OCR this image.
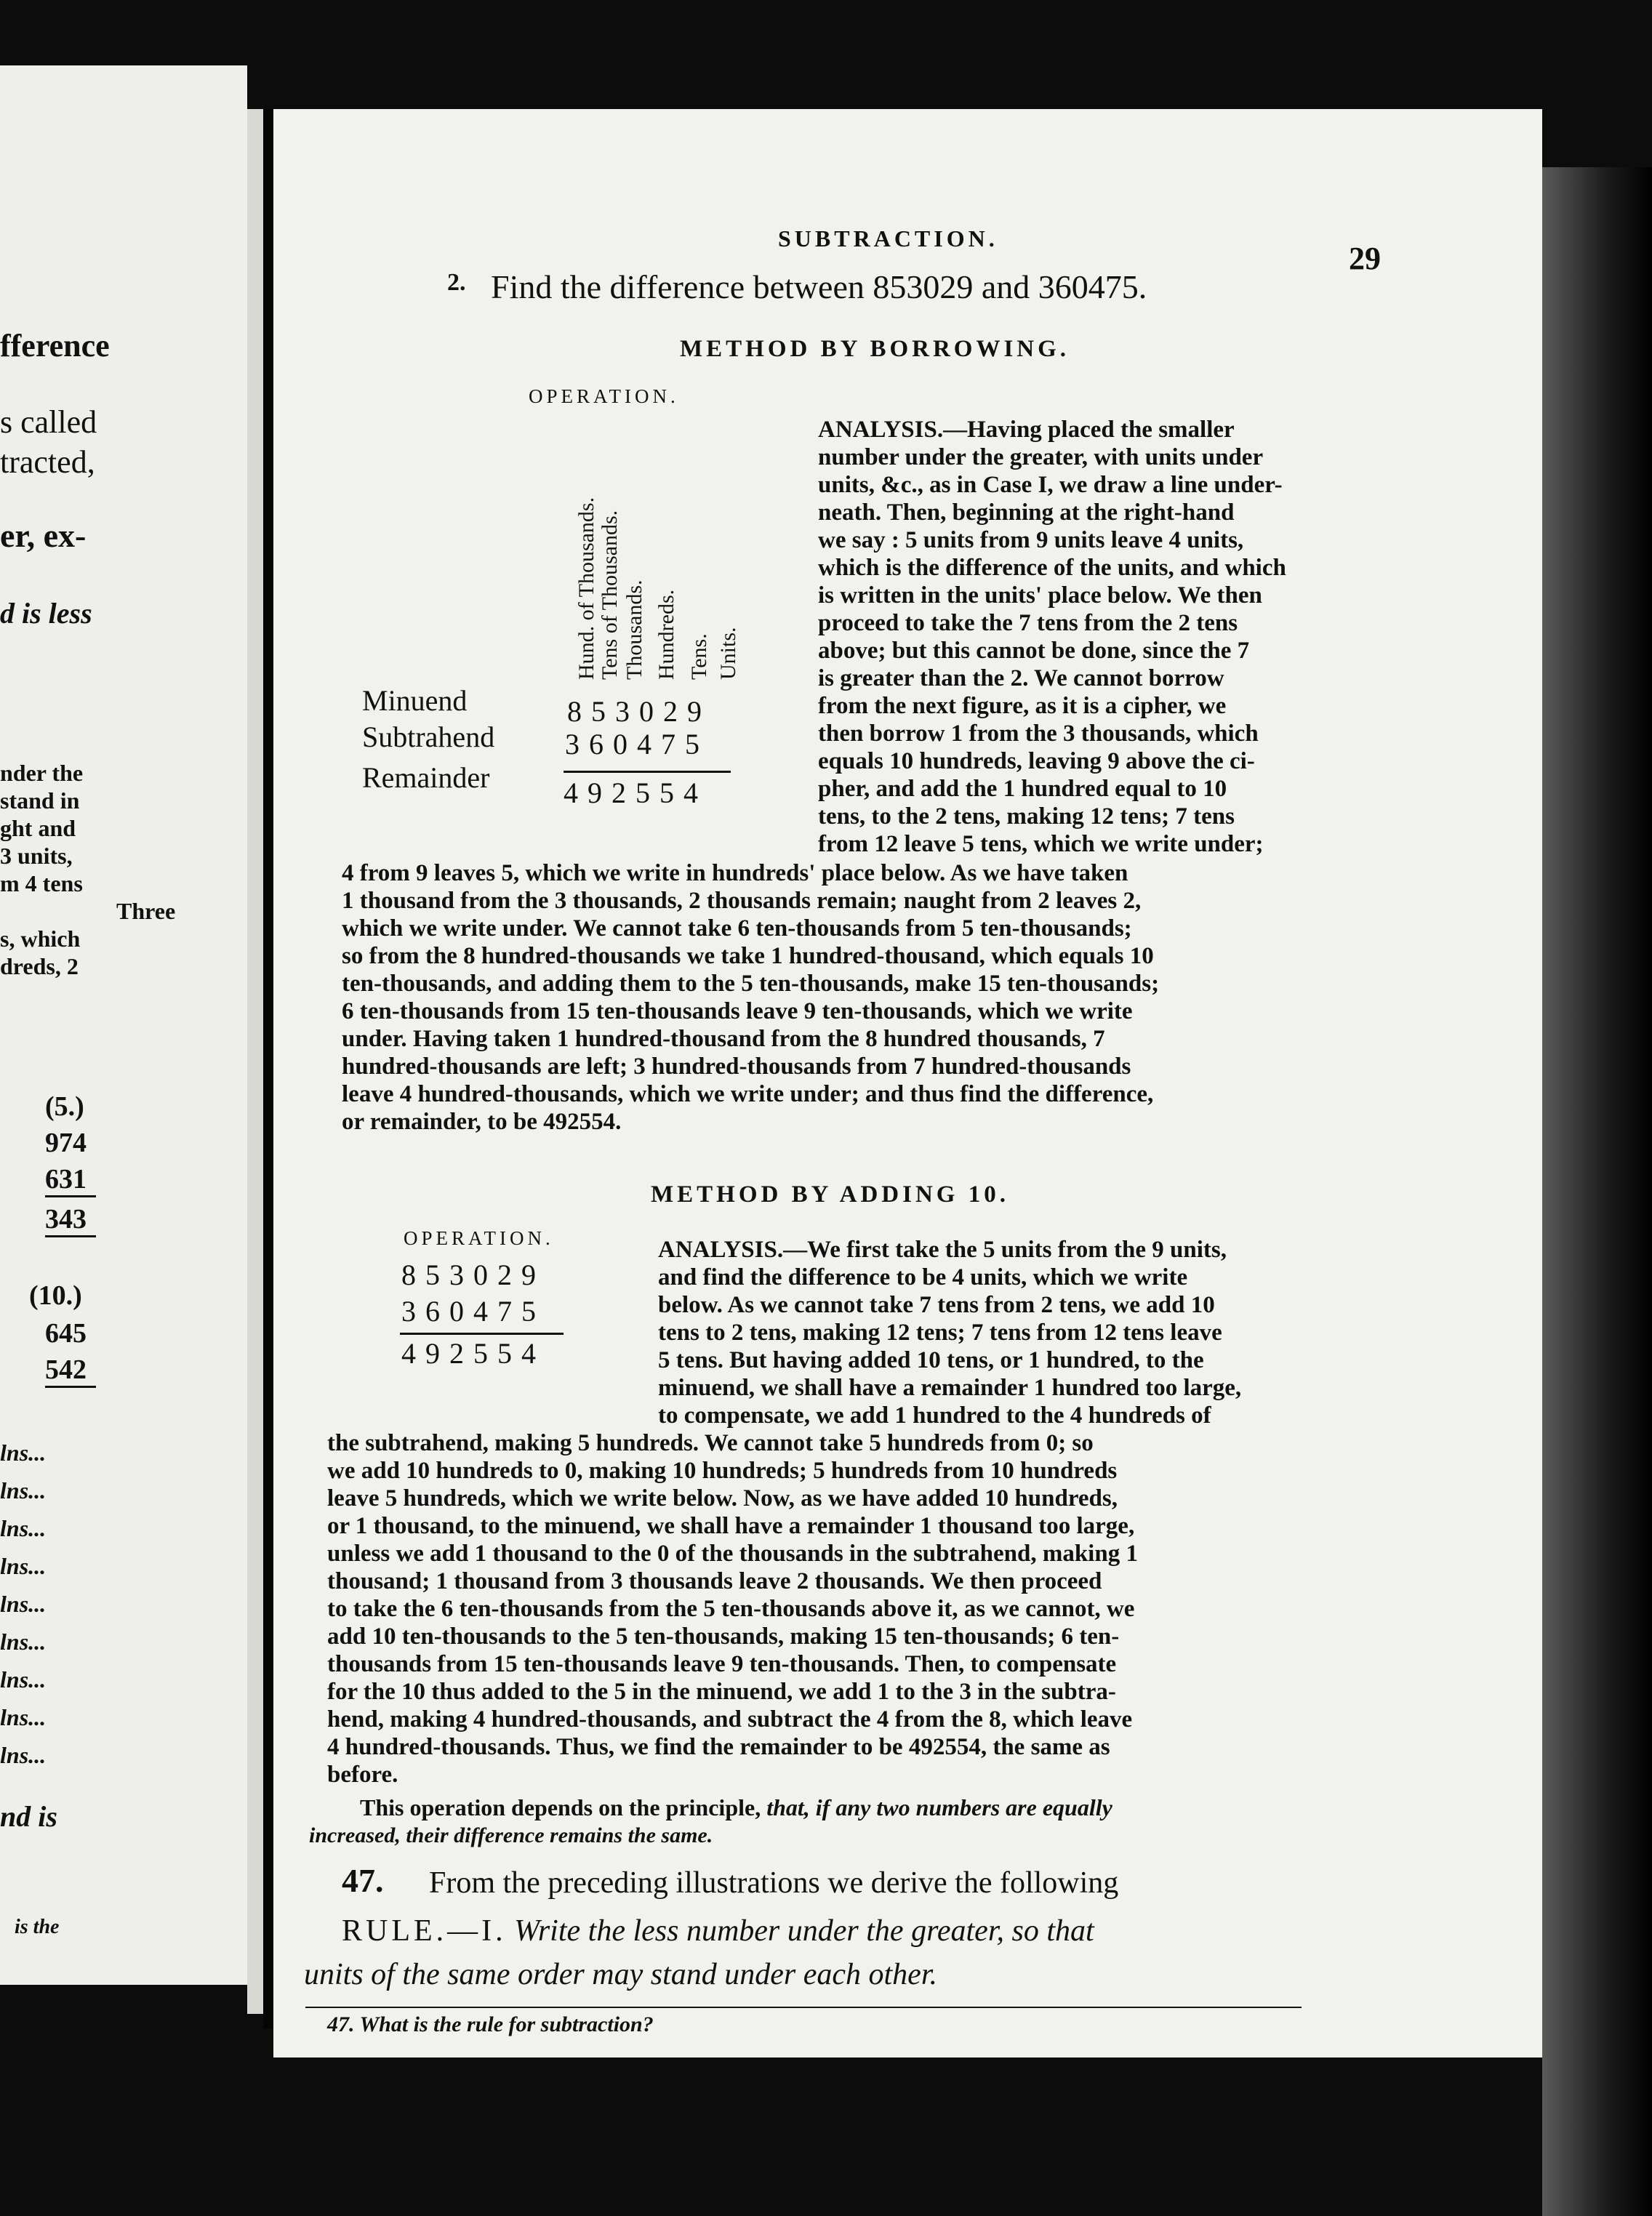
fference
s called
tracted,
er, ex-
d is less
nder the
stand in
ght and
3 units,
m 4 tens
Three
s, which
dreds, 2
(5.)
974
631
343
(10.)
645
542
lns...
lns...
lns...
lns...
lns...
lns...
lns...
lns...
lns...
nd is
is the
SUBTRACTION.
29
2. Find the difference between 853029 and 360475.
METHOD BY BORROWING.
OPERATION.
Hund. of Thousands. Tens of Thousands. Thousands. Hundreds. Tens. Units.
Minuend
Subtrahend
Remainder
853029
360475
492554
ANALYSIS.—Having placed the smaller
number under the greater, with units under
units, &c., as in Case I, we draw a line under-
neath. Then, beginning at the right-hand
we say : 5 units from 9 units leave 4 units,
which is the difference of the units, and which
is written in the units' place below. We then
proceed to take the 7 tens from the 2 tens
above; but this cannot be done, since the 7
is greater than the 2. We cannot borrow
from the next figure, as it is a cipher, we
then borrow 1 from the 3 thousands, which
equals 10 hundreds, leaving 9 above the ci-
pher, and add the 1 hundred equal to 10
tens, to the 2 tens, making 12 tens; 7 tens
from 12 leave 5 tens, which we write under;
4 from 9 leaves 5, which we write in hundreds' place below. As we have taken
1 thousand from the 3 thousands, 2 thousands remain; naught from 2 leaves 2,
which we write under. We cannot take 6 ten-thousands from 5 ten-thousands;
so from the 8 hundred-thousands we take 1 hundred-thousand, which equals 10
ten-thousands, and adding them to the 5 ten-thousands, make 15 ten-thousands;
6 ten-thousands from 15 ten-thousands leave 9 ten-thousands, which we write
under. Having taken 1 hundred-thousand from the 8 hundred thousands, 7
hundred-thousands are left; 3 hundred-thousands from 7 hundred-thousands
leave 4 hundred-thousands, which we write under; and thus find the difference,
or remainder, to be 492554.
METHOD BY ADDING 10.
OPERATION.
853029
360475
492554
ANALYSIS.—We first take the 5 units from the 9 units,
and find the difference to be 4 units, which we write
below. As we cannot take 7 tens from 2 tens, we add 10
tens to 2 tens, making 12 tens; 7 tens from 12 tens leave
5 tens. But having added 10 tens, or 1 hundred, to the
minuend, we shall have a remainder 1 hundred too large,
to compensate, we add 1 hundred to the 4 hundreds of
the subtrahend, making 5 hundreds. We cannot take 5 hundreds from 0; so
we add 10 hundreds to 0, making 10 hundreds; 5 hundreds from 10 hundreds
leave 5 hundreds, which we write below. Now, as we have added 10 hundreds,
or 1 thousand, to the minuend, we shall have a remainder 1 thousand too large,
unless we add 1 thousand to the 0 of the thousands in the subtrahend, making 1
thousand; 1 thousand from 3 thousands leave 2 thousands. We then proceed
to take the 6 ten-thousands from the 5 ten-thousands above it, as we cannot, we
add 10 ten-thousands to the 5 ten-thousands, making 15 ten-thousands; 6 ten-
thousands from 15 ten-thousands leave 9 ten-thousands. Then, to compensate
for the 10 thus added to the 5 in the minuend, we add 1 to the 3 in the subtra-
hend, making 4 hundred-thousands, and subtract the 4 from the 8, which leave
4 hundred-thousands. Thus, we find the remainder to be 492554, the same as
before.
This operation depends on the principle, that, if any two numbers are equally
increased, their difference remains the same.
47. From the preceding illustrations we derive the following
RULE.—I. Write the less number under the greater, so that
units of the same order may stand under each other.
47. What is the rule for subtraction?
